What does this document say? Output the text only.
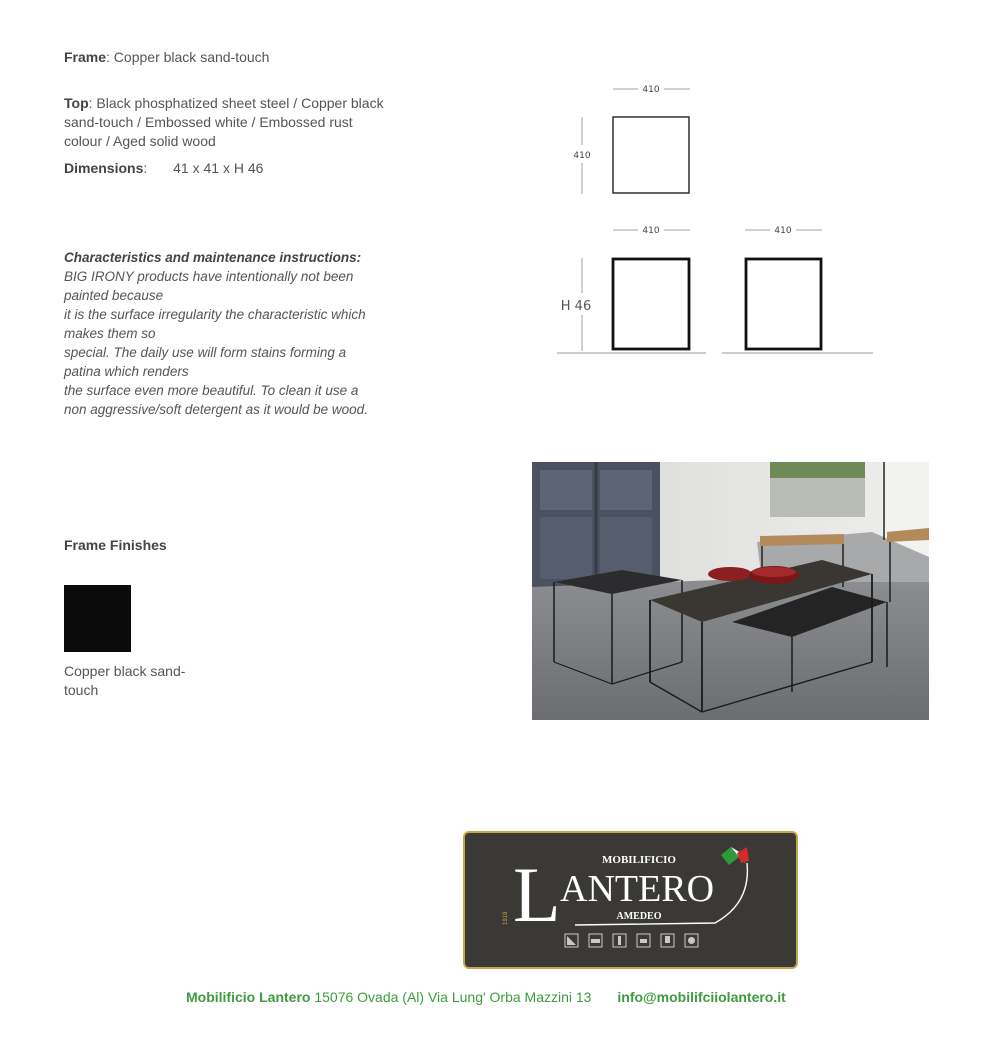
Frame: Copper black sand-touch
Top: Black phosphatized sheet steel / Copper black
sand-touch / Embossed white / Embossed rust
colour / Aged solid wood
Dimensions: 41 x 41 x H 46
Characteristics and maintenance instructions:
BIG IRONY products have intentionally not been
painted because
it is the surface irregularity the characteristic which
makes them so
special. The daily use will form stains forming a
patina which renders
the surface even more beautiful. To clean it use a
non aggressive/soft detergent as it would be wood.
410
410
410
H 46
410
Frame Finishes
Copper black sand-
touch
MOBILIFICIO
L ANTERO
AMEDEO
1919
Mobilificio Lantero 15076 Ovada (Al) Via Lung' Orba Mazzini 13 info@mobilifciiolantero.it
